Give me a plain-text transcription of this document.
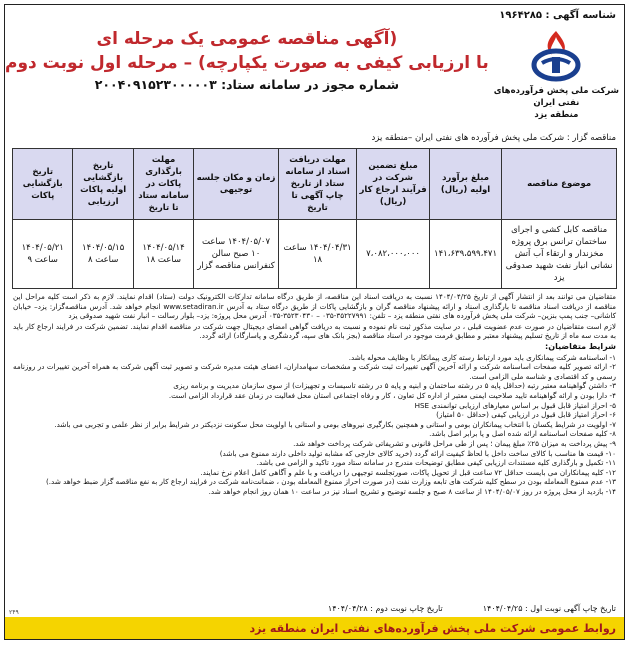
شناسه آگهی : ۱۹۶۴۲۸۵
شرکت ملی پخش فرآورده‌های نفتی ایران
منطقه یزد
(آگهی مناقصه عمومی یک مرحله ای
با ارزیابی کیفی به صورت یکپارچه) – مرحله اول نوبت دوم
شماره مجوز در سامانه ستاد: ۲۰۰۴۰۹۱۵۲۳۰۰۰۰۰۳
مناقصه گزار : شرکت ملی پخش فرآورده های نفتی ایران –منطقه یزد
موضوع مناقصه	مبلغ برآورد اولیه (ریال)	مبلغ تضمین شرکت در فرآیند ارجاع کار (ریال)	مهلت دریافت اسناد از سامانه ستاد از تاریخ چاپ آگهی تا تاریخ	زمان و مکان جلسه توجیهی	مهلت بارگذاری پاکات در سامانه ستاد تا تاریخ	تاریخ بازگشایی اولیه پاکات ارزیابی	تاریخ بازگشایی پاکات
مناقصه کابل کشی و اجرای ساختمان ترانس برق پروژه مخزندار و ارتقاء آب آتش نشانی انبار نفت شهید صدوقی یزد	۱۴۱،۶۳۹،۵۹۹،۴۷۱	۷،۰۸۲،۰۰۰،۰۰۰	۱۴۰۴/۰۴/۳۱ ساعت ۱۸	۱۴۰۴/۰۵/۰۷ ساعت ۱۰ صبح سالن کنفرانس مناقصه گزار	۱۴۰۴/۰۵/۱۴ ساعت ۱۸	۱۴۰۴/۰۵/۱۵ ساعت ۸	۱۴۰۴/۰۵/۲۱ ساعت ۹

متقاضیان می توانند بعد از انتشار آگهی از تاریخ ۱۴۰۴/۰۴/۲۵ نسبت به دریافت اسناد این مناقصه، از طریق درگاه سامانه تدارکات الکترونیک دولت (ستاد) اقدام نمایند. لازم به ذکر است کلیه مراحل این مناقصه از دریافت اسناد مناقصه تا بارگذاری اسناد و ارائه پیشنهاد مناقصه گران و بازگشایی پاکات از طریق درگاه ستاد به آدرس www.setadiran.ir انجام خواهد شد. آدرس مناقصه‌گزار: یزد– خیابان کاشانی– جنب پمپ بنزین– شرکت ملی پخش فرآورده های نفتی منطقه یزد – تلفن: ۳۵۲۲۷۹۹۱-۰۳۵ – ۳۵۲۳۰۴۳۰-۰۳۵ آدرس محل پروژه: یزد– بلوار رسالت – انبار نفت شهید صدوقی یزد

لازم است متقاضیان در صورت عدم عضویت قبلی ، در سایت مذکور ثبت نام نموده و نسبت به دریافت گواهی امضای دیجیتال جهت شرکت در مناقصه اقدام نمایند. تضمین شرکت در فرایند ارجاع کار باید به مدت سه ماه از تاریخ تسلیم پیشنهاد معتبر و مطابق فرمت موجود در اسناد مناقصه (بجز بانک های سپه، گردشگری و پاسارگاد) ارائه گردد.

شرایط متقاضیان:
۱- اساسنامه شرکت پیمانکاری باید مورد ارتباط رسته کاری پیمانکار با وظایف محوله باشد.
۲- ارائه تصویر کلیه صفحات اساسنامه شرکت و ارائه آخرین آگهی تغییرات ثبت شرکت و مشخصات سهامداران، اعضای هیئت مدیره شرکت و تصویر ثبت آگهی شرکت به همراه آخرین تغییرات در روزنامه رسمی و کد اقتصادی و شناسه ملی الزامی است.
۳- داشتن گواهینامه معتبر رتبه (حداقل پایه ۵ در رشته ساختمان و ابنیه و پایه ۵ در رشته تاسیسات و تجهیزات) از سوی سازمان مدیریت و برنامه ریزی
۴- دارا بودن و ارائه گواهینامه تایید صلاحیت ایمنی معتبر از اداره کل تعاون ، کار و رفاه اجتماعی استان محل فعالیت در زمان عقد قرارداد الزامی است.
۵- احراز امتیاز قابل قبول بر اساس معیارهای ارزیابی توانمندی HSE
۶- احراز امتیاز قابل قبول در ارزیابی کیفی (حداقل ۵۰ امتیاز)
۷- اولویت در شرایط یکسان با انتخاب پیمانکاران بومی و استانی و همچنین بکارگیری نیروهای بومی و استانی با اولویت محل سکونت نزدیکتر در شرایط برابر از نظر علمی و تجربی می باشد.
۸- کلیه صفحات اساسنامه ارائه شده اصل و یا برابر اصل باشد.
۹- پیش پرداخت به میزان ۲۵٪ مبلغ پیمان ؛ پس از طی مراحل قانونی و تشریفاتی شرکت پرداخت خواهد شد.
۱۰- قیمت ها مناسب با کالای ساخت داخل با لحاظ کیفیت ارائه گردد (خرید کالای خارجی که مشابه تولید داخلی دارند ممنوع می باشد)
۱۱- تکمیل و بارگذاری کلیه مستندات ارزیابی کیفی مطابق توضیحات مندرج در سامانه ستاد مورد تاکید و الزامی می باشد.
۱۲- کلیه پیمانکاران می بایست حداقل ۷۲ ساعت قبل از تحویل پاکات، صورتجلسه توجیهی را دریافت و با علم و آگاهی کامل اعلام نرخ نمایند.
۱۳- عدم ممنوع المعامله بودن در سطح کلیه شرکت های تابعه وزارت نفت (در صورت احراز ممنوع المعامله بودن ، ضمانت‌نامه شرکت در فرایند ارجاع کار به نفع مناقصه گزار ضبط خواهد شد.)
۱۴- بازدید از محل پروژه در روز ۱۴۰۴/۰۵/۰۷ از ساعت ۸ صبح و جلسه توضیح و تشریح اسناد نیز در ساعت ۱۰ همان روز انجام خواهد شد.
تاریخ چاپ آگهی نوبت اول : ۱۴۰۴/۰۴/۲۵
تاریخ چاپ نوبت دوم : ۱۴۰۴/۰۴/۲۸
۲۴۹
روابط عمومی شرکت ملی پخش فرآورده‌های نفتی ایران منطقه یزد
